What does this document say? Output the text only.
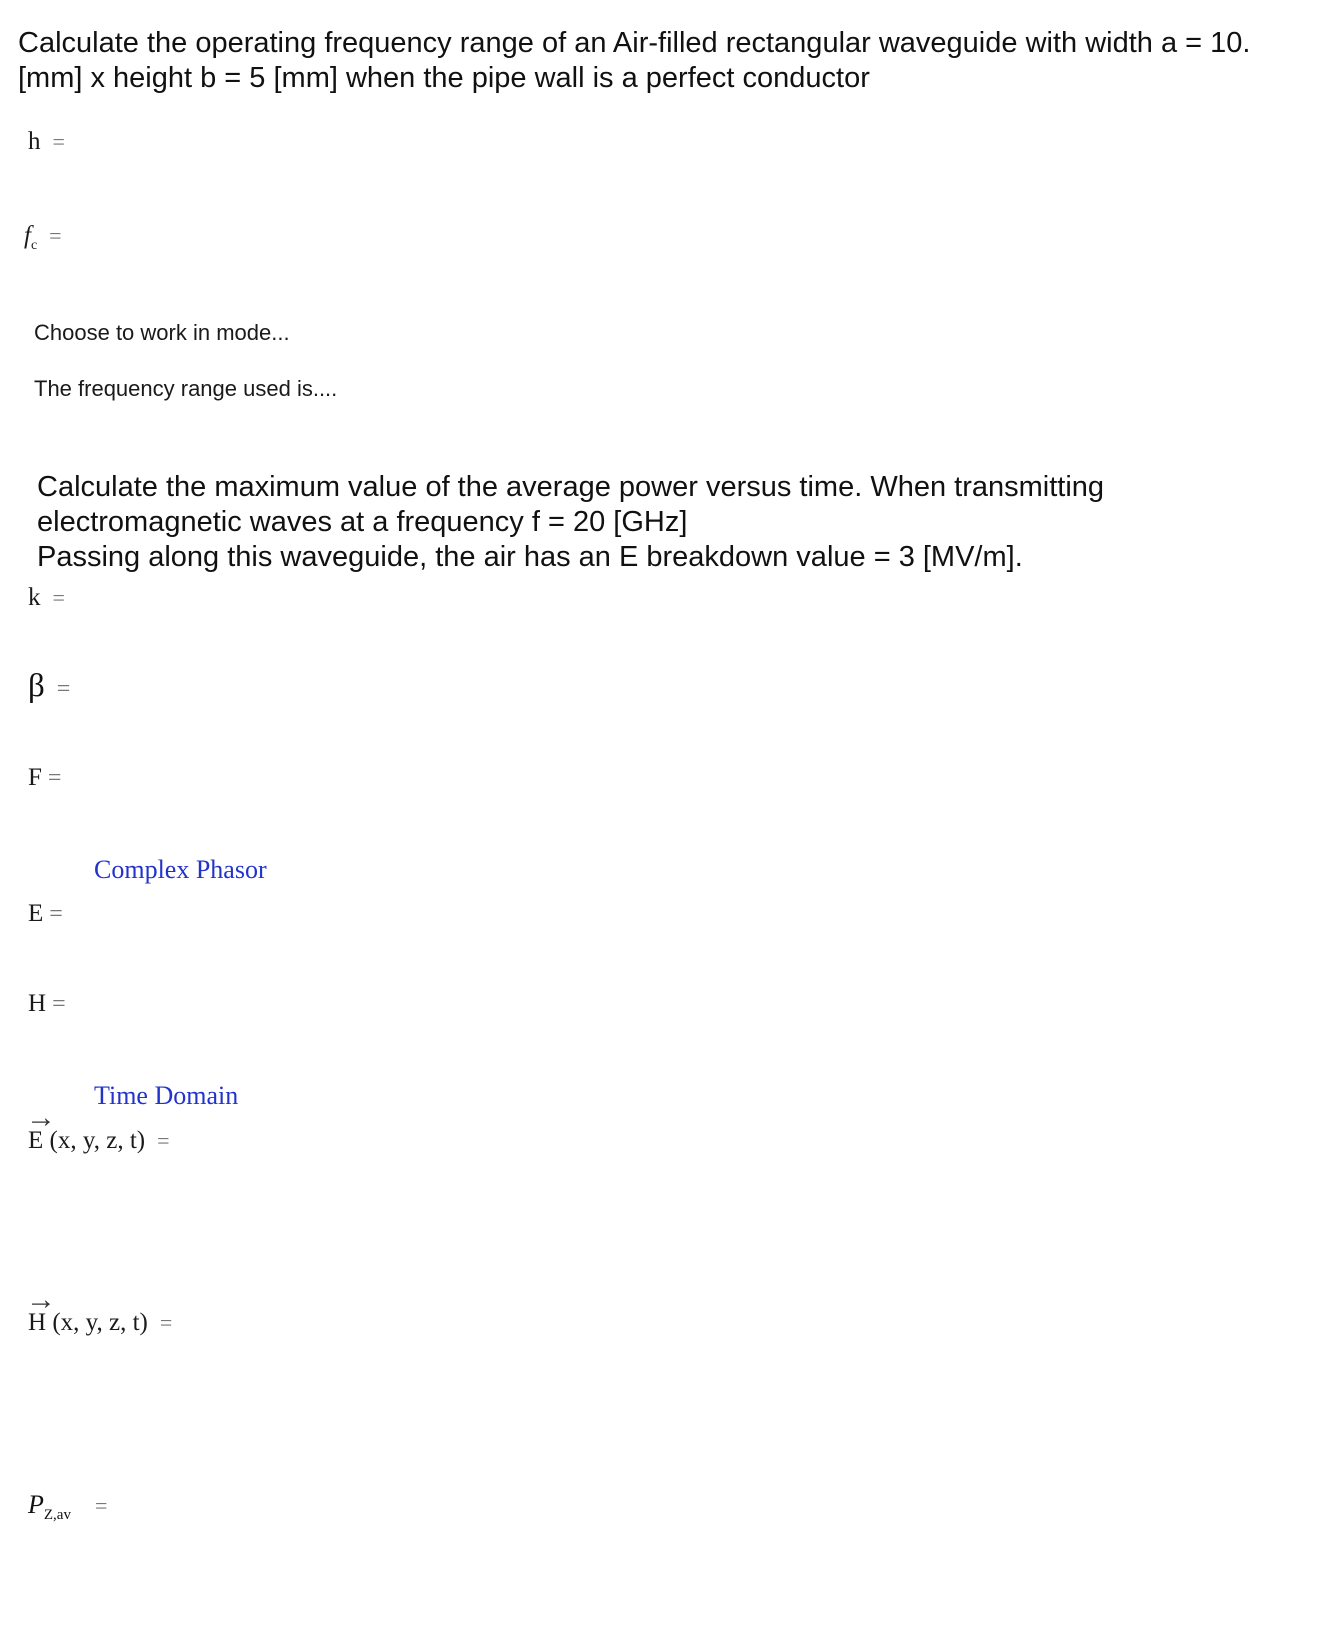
Calculate the operating frequency range of an Air-filled rectangular waveguide with width a = 10.
[mm] x height b = 5 [mm] when the pipe wall is a perfect conductor
h =
$f_c$ =
Choose to work in mode...
The frequency range used is....
Calculate the maximum value of the average power versus time. When transmitting
electromagnetic waves at a frequency f = 20 [GHz]
Passing along this waveguide, the air has an E breakdown value = 3 [MV/m].
k =
β =
F =
Complex Phasor
E =
H =
Time Domain
→
E (x, y, z, t) =
→
H (x, y, z, t) =
$P_{Z,av}$ =
